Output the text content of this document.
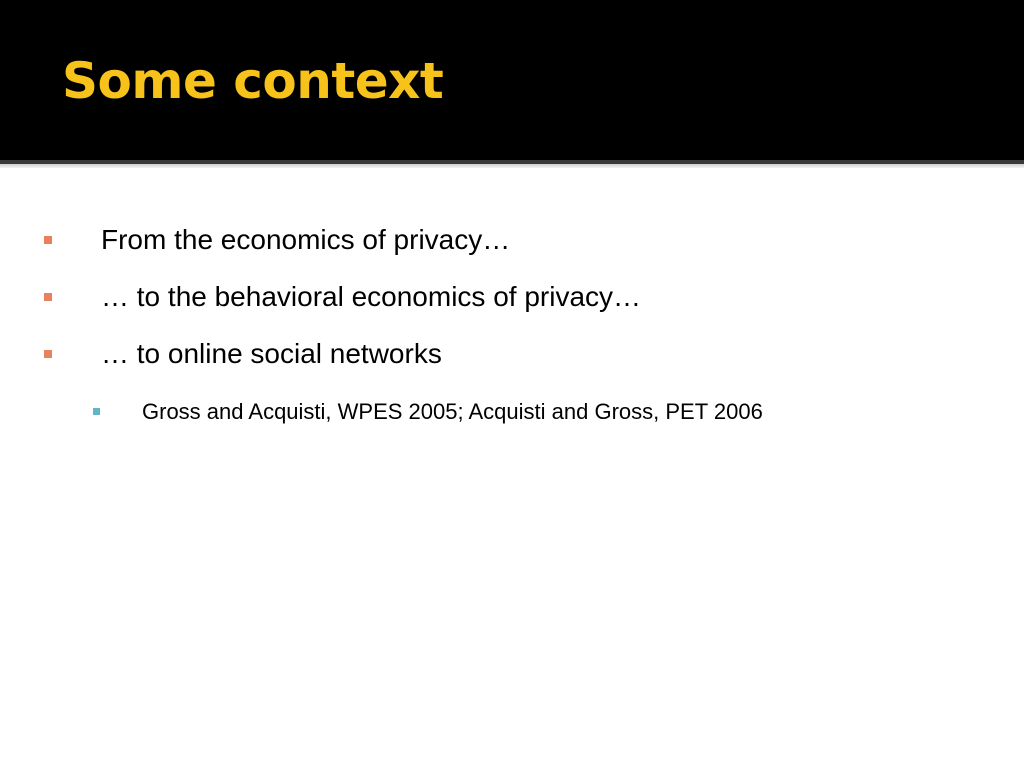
Some context
From the economics of privacy…
… to the behavioral economics of privacy…
… to online social networks
Gross and Acquisti, WPES 2005; Acquisti and Gross, PET 2006
